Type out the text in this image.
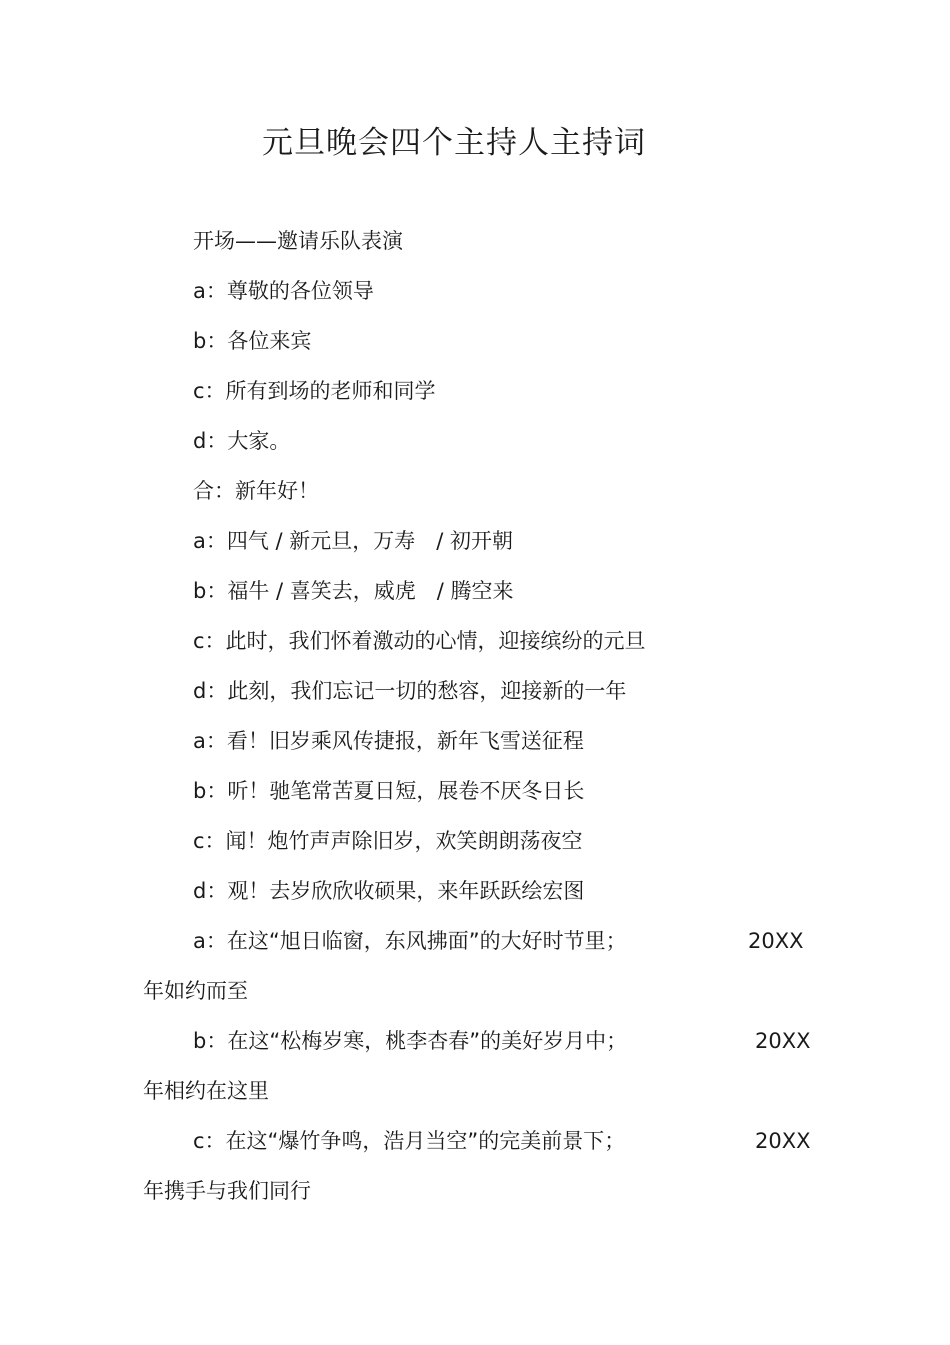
元旦晚会四个主持人主持词
开场——邀请乐队表演
a：尊敬的各位领导
b：各位来宾
c：所有到场的老师和同学
d：大家。
合：新年好！
a：四气 / 新元旦，万寿　/ 初开朝
b：福牛 / 喜笑去，威虎　/ 腾空来
c：此时，我们怀着激动的心情，迎接缤纷的元旦
d：此刻，我们忘记一切的愁容，迎接新的一年
a：看！旧岁乘风传捷报，新年飞雪送征程
b：听！驰笔常苦夏日短，展卷不厌冬日长
c：闻！炮竹声声除旧岁，欢笑朗朗荡夜空
d：观！去岁欣欣收硕果，来年跃跃绘宏图
a：在这“旭日临窗，东风拂面”的大好时节里；	20XX
年如约而至
b：在这“松梅岁寒，桃李杏春”的美好岁月中；	20XX
年相约在这里
c：在这“爆竹争鸣，浩月当空”的完美前景下；	20XX
年携手与我们同行
